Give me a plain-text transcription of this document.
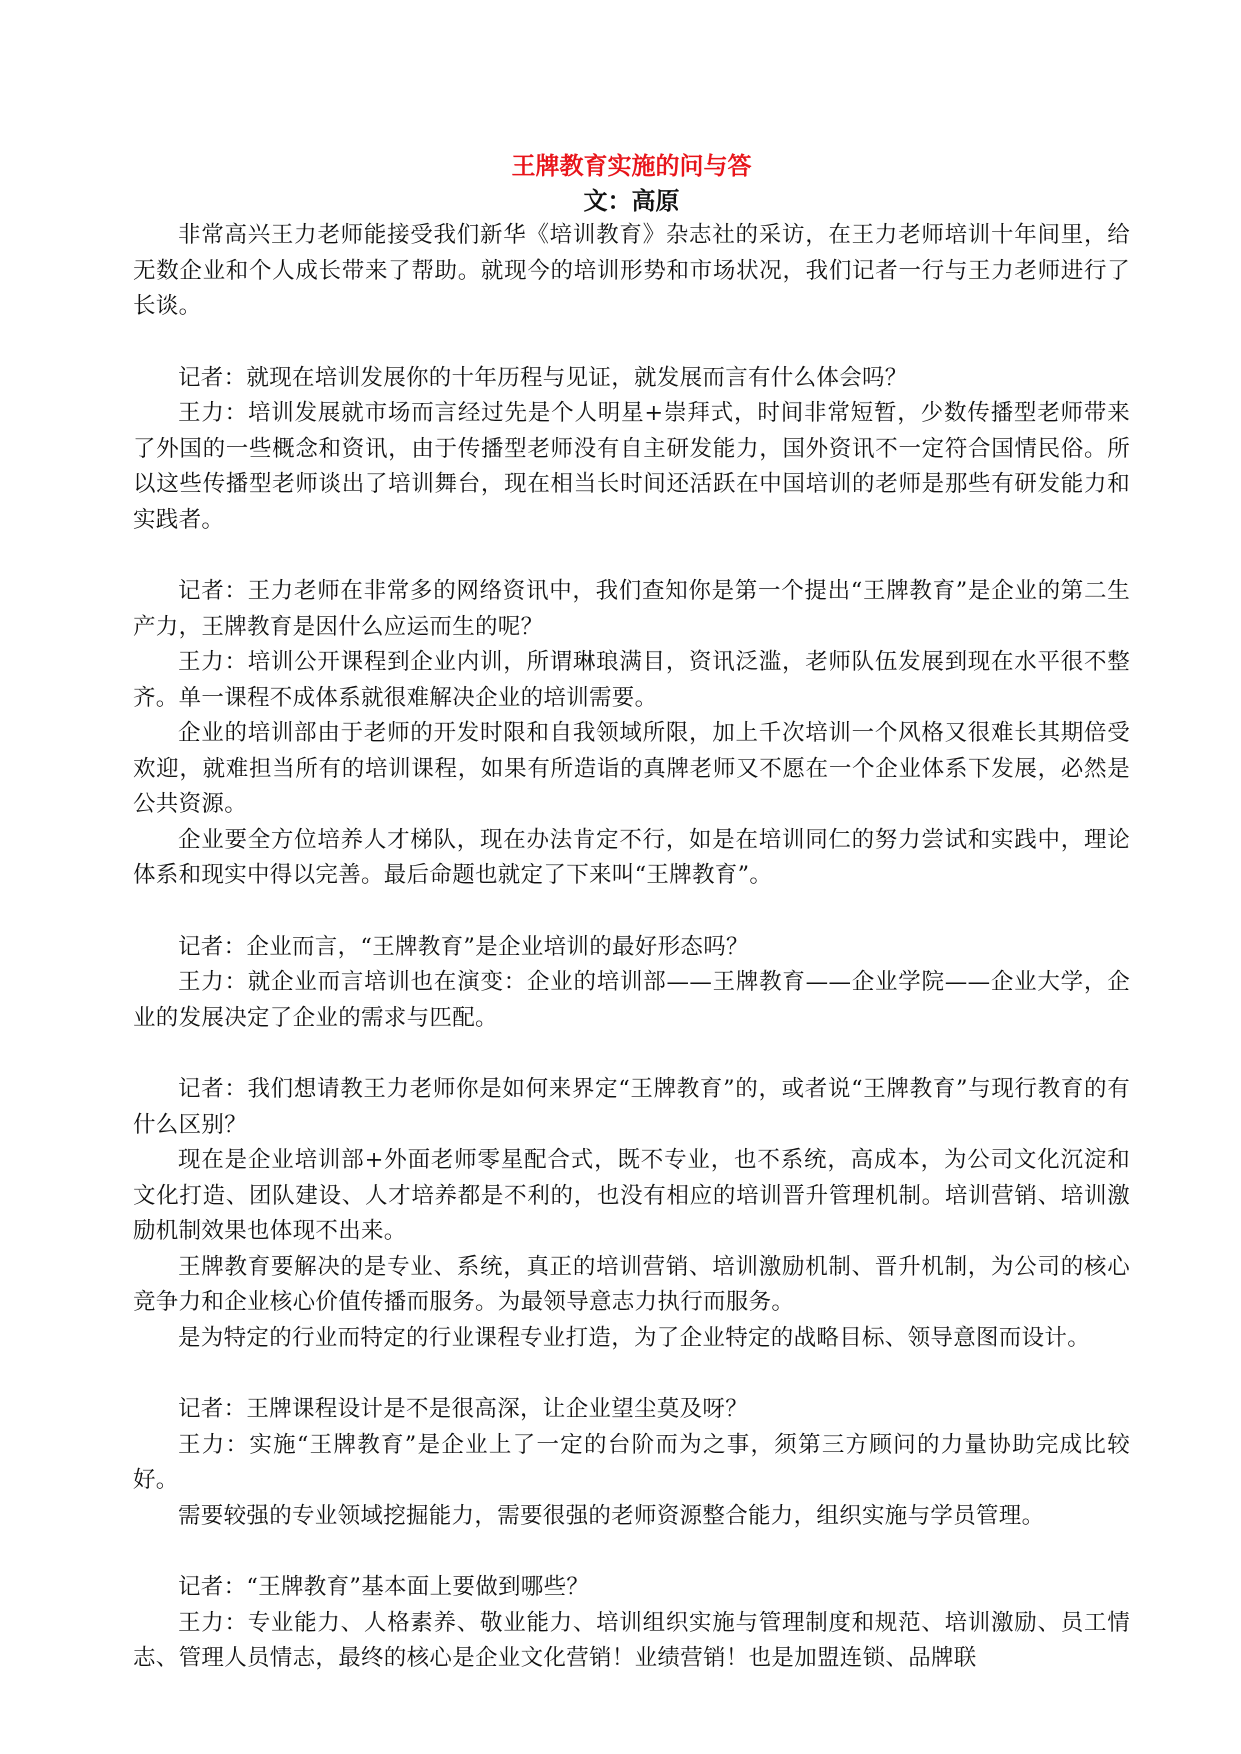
王牌教育实施的问与答

文：高原

非常高兴王力老师能接受我们新华《培训教育》杂志社的采访，在王力老师培训十年间里，给无数企业和个人成长带来了帮助。就现今的培训形势和市场状况，我们记者一行与王力老师进行了长谈。

记者：就现在培训发展你的十年历程与见证，就发展而言有什么体会吗？

王力：培训发展就市场而言经过先是个人明星+崇拜式，时间非常短暂，少数传播型老师带来了外国的一些概念和资讯，由于传播型老师没有自主研发能力，国外资讯不一定符合国情民俗。所以这些传播型老师谈出了培训舞台，现在相当长时间还活跃在中国培训的老师是那些有研发能力和实践者。

记者：王力老师在非常多的网络资讯中，我们查知你是第一个提出“王牌教育”是企业的第二生产力，王牌教育是因什么应运而生的呢？

王力：培训公开课程到企业内训，所谓琳琅满目，资讯泛滥，老师队伍发展到现在水平很不整齐。单一课程不成体系就很难解决企业的培训需要。

企业的培训部由于老师的开发时限和自我领域所限，加上千次培训一个风格又很难长其期倍受欢迎，就难担当所有的培训课程，如果有所造诣的真牌老师又不愿在一个企业体系下发展，必然是公共资源。

企业要全方位培养人才梯队，现在办法肯定不行，如是在培训同仁的努力尝试和实践中，理论体系和现实中得以完善。最后命题也就定了下来叫“王牌教育”。

记者：企业而言，“王牌教育”是企业培训的最好形态吗？

王力：就企业而言培训也在演变：企业的培训部——王牌教育——企业学院——企业大学，企业的发展决定了企业的需求与匹配。

记者：我们想请教王力老师你是如何来界定“王牌教育”的，或者说“王牌教育”与现行教育的有什么区别？

现在是企业培训部+外面老师零星配合式，既不专业，也不系统，高成本，为公司文化沉淀和文化打造、团队建设、人才培养都是不利的，也没有相应的培训晋升管理机制。培训营销、培训激励机制效果也体现不出来。

王牌教育要解决的是专业、系统，真正的培训营销、培训激励机制、晋升机制，为公司的核心竞争力和企业核心价值传播而服务。为最领导意志力执行而服务。

是为特定的行业而特定的行业课程专业打造，为了企业特定的战略目标、领导意图而设计。

记者：王牌课程设计是不是很高深，让企业望尘莫及呀？

王力：实施“王牌教育”是企业上了一定的台阶而为之事，须第三方顾问的力量协助完成比较好。

需要较强的专业领域挖掘能力，需要很强的老师资源整合能力，组织实施与学员管理。

记者：“王牌教育”基本面上要做到哪些？

王力：专业能力、人格素养、敬业能力、培训组织实施与管理制度和规范、培训激励、员工情志、管理人员情志，最终的核心是企业文化营销！业绩营销！也是加盟连锁、品牌联
